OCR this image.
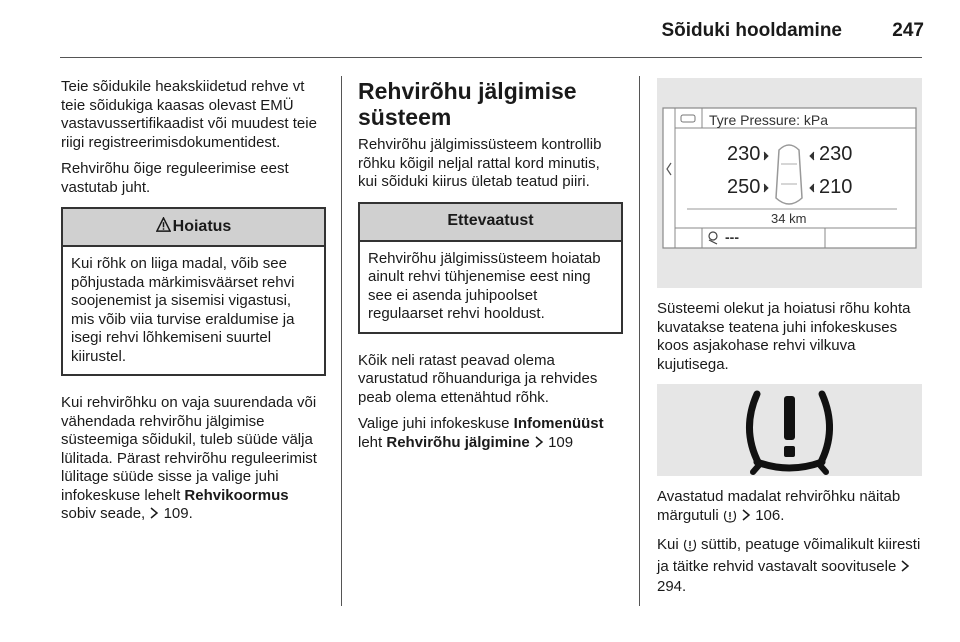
Sõiduki hooldamine	247

Teie sõidukile heakskiidetud rehve vt teie sõidukiga kaasas olevast EMÜ vastavussertifikaadist või muudest teie riigi registreerimisdokumentidest.

Rehvirõhu õige reguleerimise eest vastutab juht.

Hoiatus
Kui rõhk on liiga madal, võib see põhjustada märkimisväärset rehvi soojenemist ja sisemisi vigastusi, mis võib viia turvise eraldumise ja isegi rehvi lõhkemiseni suurtel kiirustel.

Kui rehvirõhku on vaja suurendada või vähendada rehvirõhu jälgimise süsteemiga sõidukil, tuleb süüde välja lülitada. Pärast rehvirõhu reguleerimist lülitage süüde sisse ja valige juhi infokeskuse lehelt Rehvikoormus sobiv seade, 109.

Rehvirõhu jälgimise süsteem

Rehvirõhu jälgimissüsteem kontrollib rõhku kõigil neljal rattal kord minutis, kui sõiduki kiirus ületab teatud piiri.

Ettevaatust
Rehvirõhu jälgimissüsteem hoiatab ainult rehvi tühjenemise eest ning see ei asenda juhipoolset regulaarset rehvi hooldust.

Kõik neli ratast peavad olema varustatud rõhuanduriga ja rehvides peab olema ettenähtud rõhk.

Valige juhi infokeskuse Infomenüüst leht Rehvirõhu jälgimine 109

Tyre Pressure: kPa
230	230
250	210
34 km
---

Süsteemi olekut ja hoiatusi rõhu kohta kuvatakse teatena juhi infokeskuses koos asjakohase rehvi vilkuva kujutisega.

Avastatud madalat rehvirõhku näitab märgutuli 106.

Kui süttib, peatuge võimalikult kiiresti ja täitke rehvid vastavalt soovitusele  294.
